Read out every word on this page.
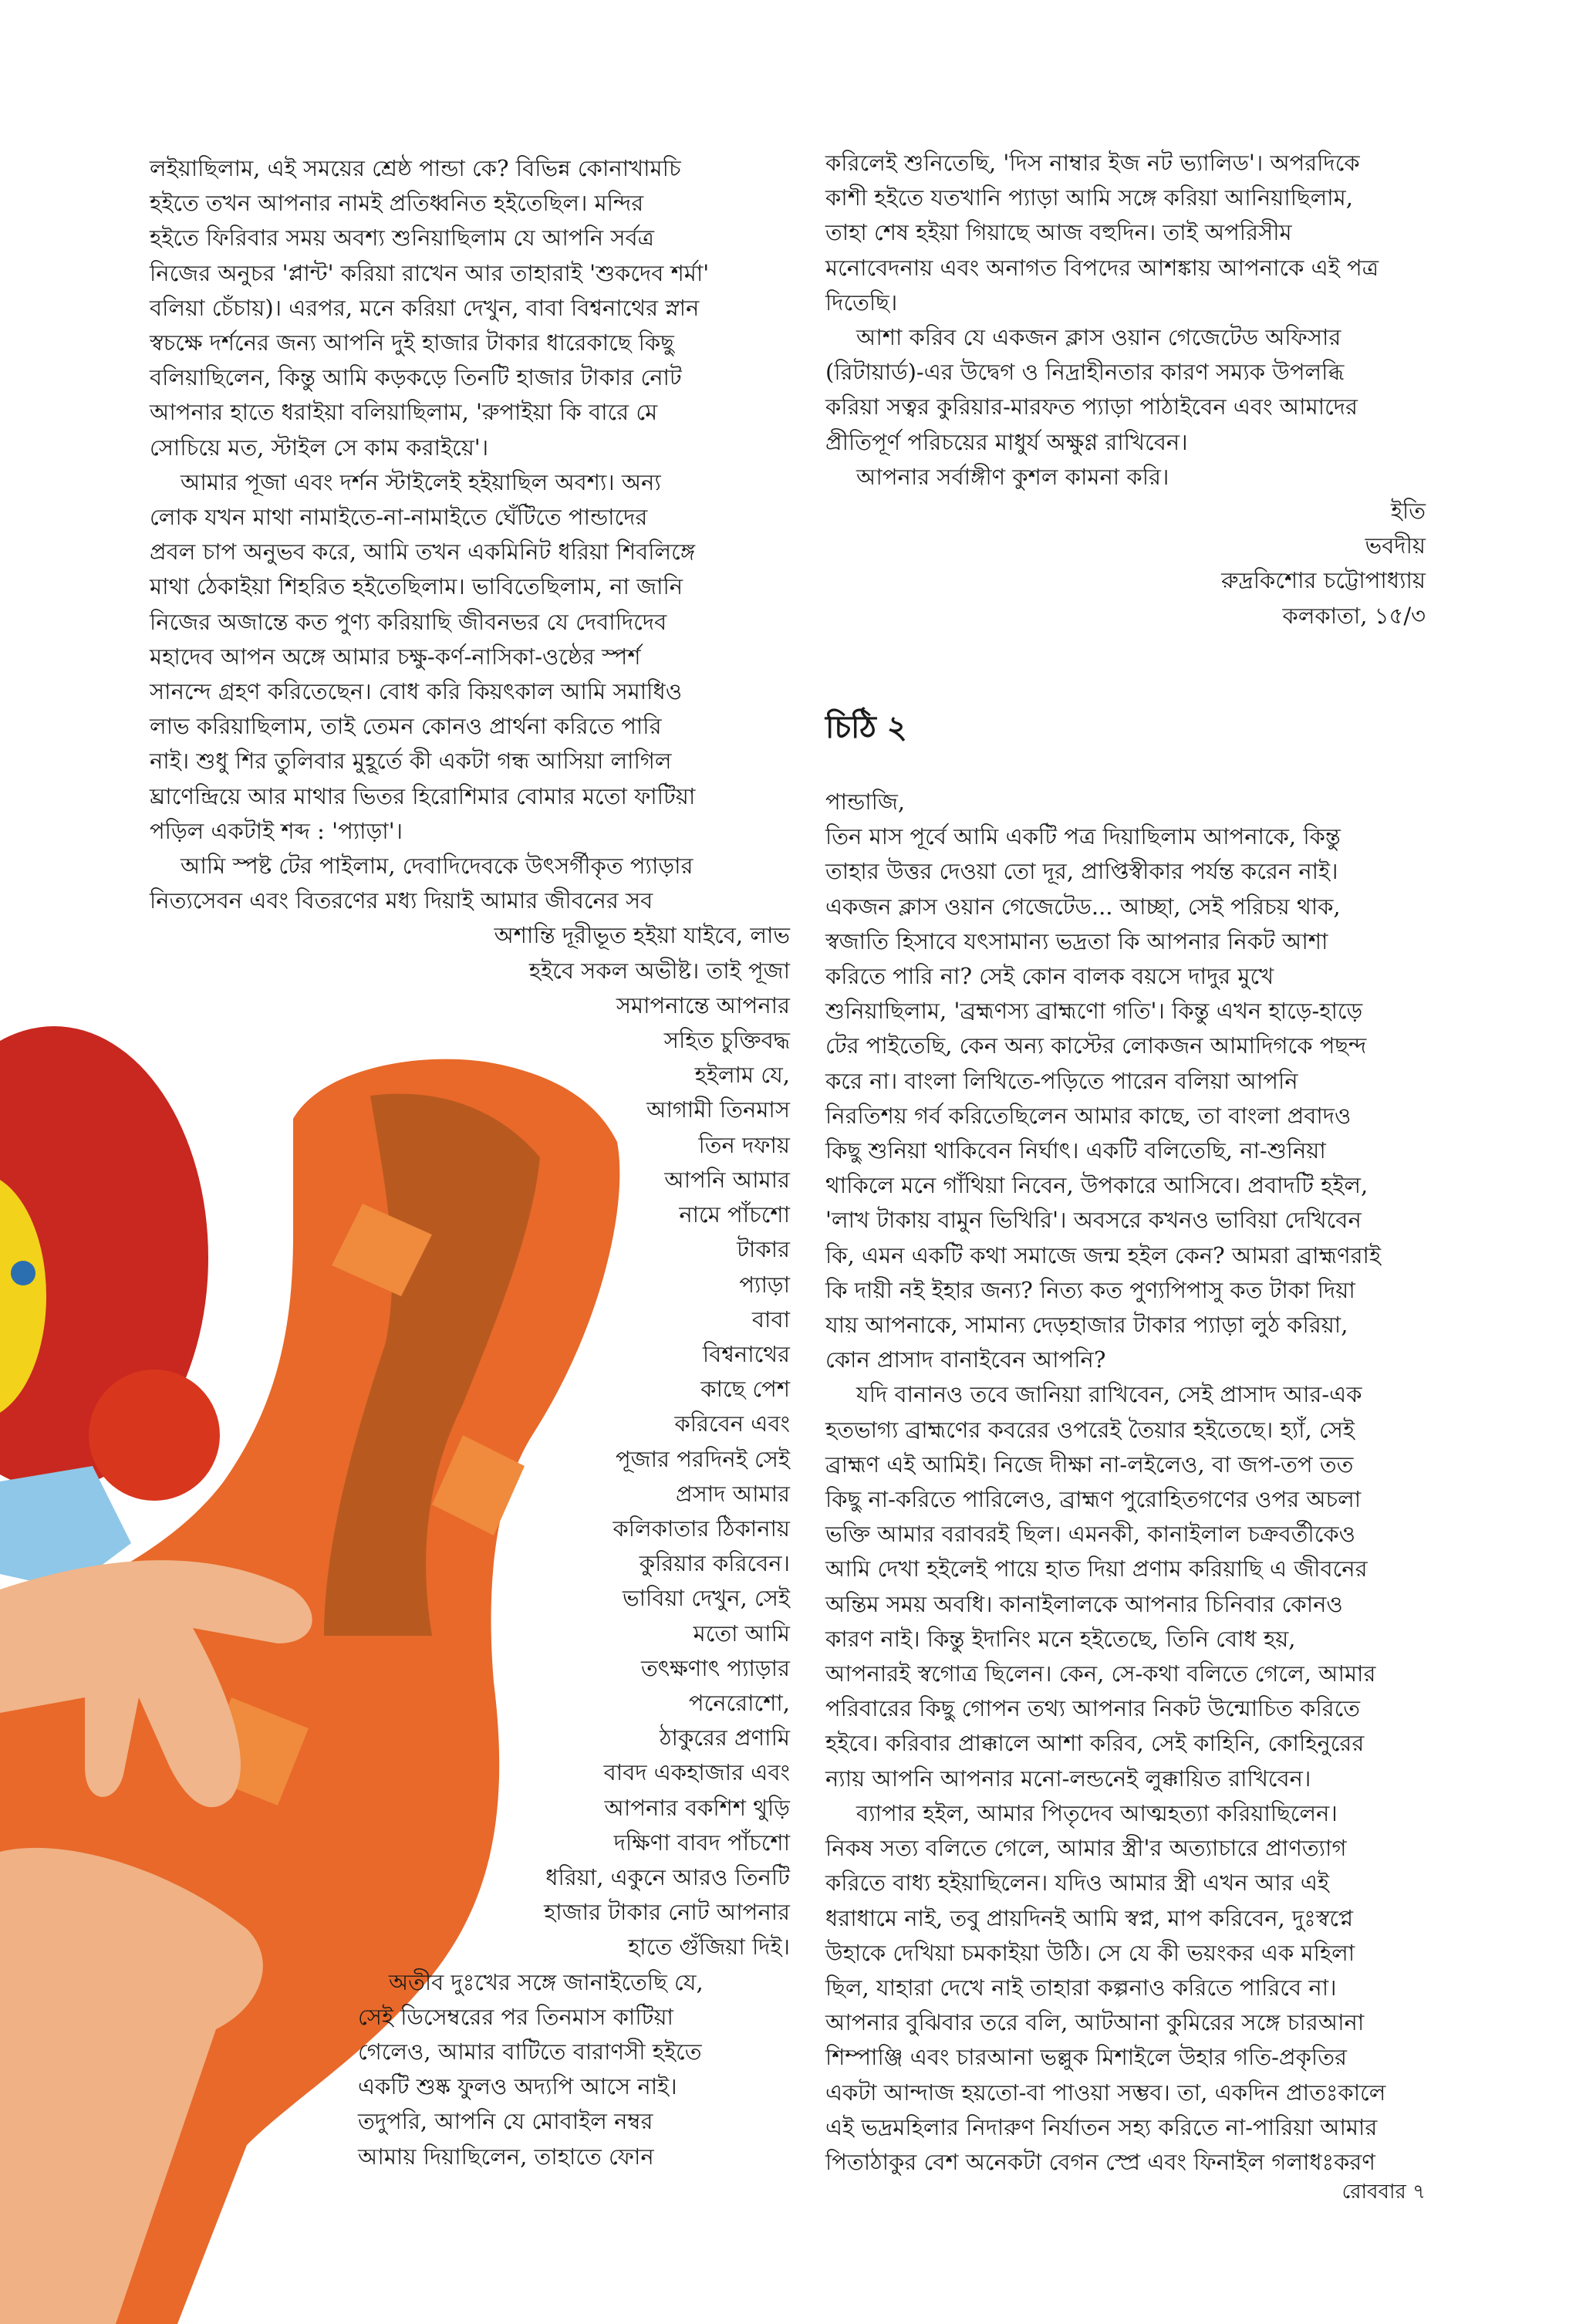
লইয়াছিলাম, এই সময়ের শ্রেষ্ঠ পান্ডা কে? বিভিন্ন কোনাখামচি

হইতে তখন আপনার নামই প্রতিধ্বনিত হইতেছিল। মন্দির

হইতে ফিরিবার সময় অবশ্য শুনিয়াছিলাম যে আপনি সর্বত্র

নিজের অনুচর 'প্লান্ট' করিয়া রাখেন আর তাহারাই 'শুকদেব শর্মা'

বলিয়া চেঁচায়)। এরপর, মনে করিয়া দেখুন, বাবা বিশ্বনাথের স্নান

স্বচক্ষে দর্শনের জন্য আপনি দুই হাজার টাকার ধারেকাছে কিছু

বলিয়াছিলেন, কিন্তু আমি কড়কড়ে তিনটি হাজার টাকার নোট

আপনার হাতে ধরাইয়া বলিয়াছিলাম, 'রুপাইয়া কি বারে মে

সোচিয়ে মত, স্টাইল সে কাম করাইয়ে'।

আমার পূজা এবং দর্শন স্টাইলেই হইয়াছিল অবশ্য। অন্য

লোক যখন মাথা নামাইতে-না-নামাইতে ঘেঁটিতে পান্ডাদের

প্রবল চাপ অনুভব করে, আমি তখন একমিনিট ধরিয়া শিবলিঙ্গে

মাথা ঠেকাইয়া শিহরিত হইতেছিলাম। ভাবিতেছিলাম, না জানি

নিজের অজান্তে কত পুণ্য করিয়াছি জীবনভর যে দেবাদিদেব

মহাদেব আপন অঙ্গে আমার চক্ষু-কর্ণ-নাসিকা-ওষ্ঠের স্পর্শ

সানন্দে গ্রহণ করিতেছেন। বোধ করি কিয়ৎকাল আমি সমাধিও

লাভ করিয়াছিলাম, তাই তেমন কোনও প্রার্থনা করিতে পারি

নাই। শুধু শির তুলিবার মুহূর্তে কী একটা গন্ধ আসিয়া লাগিল

ঘ্রাণেন্দ্রিয়ে আর মাথার ভিতর হিরোশিমার বোমার মতো ফাটিয়া

পড়িল একটাই শব্দ : 'প্যাড়া'।

আমি স্পষ্ট টের পাইলাম, দেবাদিদেবকে উৎসর্গীকৃত প্যাড়ার

নিত্যসেবন এবং বিতরণের মধ্য দিয়াই আমার জীবনের সব

অশান্তি দূরীভূত হইয়া যাইবে, লাভ

হইবে সকল অভীষ্ট। তাই পূজা

সমাপনান্তে আপনার

সহিত চুক্তিবদ্ধ

হইলাম যে,

আগামী তিনমাস

তিন দফায়

আপনি আমার

নামে পাঁচশো

টাকার

প্যাড়া

বাবা

বিশ্বনাথের

কাছে পেশ

করিবেন এবং

পূজার পরদিনই সেই

প্রসাদ আমার

কলিকাতার ঠিকানায়

কুরিয়ার করিবেন।

ভাবিয়া দেখুন, সেই

মতো আমি

তৎক্ষণাৎ প্যাড়ার

পনেরোশো,

ঠাকুরের প্রণামি

বাবদ একহাজার এবং

আপনার বকশিশ থুড়ি

দক্ষিণা বাবদ পাঁচশো

ধরিয়া, একুনে আরও তিনটি

হাজার টাকার নোট আপনার

হাতে গুঁজিয়া দিই।

অতীব দুঃখের সঙ্গে জানাইতেছি যে,

সেই ডিসেম্বরের পর তিনমাস কাটিয়া

গেলেও, আমার বাটিতে বারাণসী হইতে

একটি শুষ্ক ফুলও অদ্যপি আসে নাই।

তদুপরি, আপনি যে মোবাইল নম্বর

আমায় দিয়াছিলেন, তাহাতে ফোন

করিলেই শুনিতেছি, 'দিস নাম্বার ইজ নট ভ্যালিড'। অপরদিকে

কাশী হইতে যতখানি প্যাড়া আমি সঙ্গে করিয়া আনিয়াছিলাম,

তাহা শেষ হইয়া গিয়াছে আজ বহুদিন। তাই অপরিসীম

মনোবেদনায় এবং অনাগত বিপদের আশঙ্কায় আপনাকে এই পত্র

দিতেছি।

আশা করিব যে একজন ক্লাস ওয়ান গেজেটেড অফিসার

(রিটায়ার্ড)-এর উদ্বেগ ও নিদ্রাহীনতার কারণ সম্যক উপলব্ধি

করিয়া সত্বর কুরিয়ার-মারফত প্যাড়া পাঠাইবেন এবং আমাদের

প্রীতিপূর্ণ পরিচয়ের মাধুর্য অক্ষুণ্ণ রাখিবেন।

আপনার সর্বাঙ্গীণ কুশল কামনা করি।

ইতি

ভবদীয়

রুদ্রকিশোর চট্টোপাধ্যায়

কলকাতা, ১৫/৩

চিঠি ২

পান্ডাজি,

তিন মাস পূর্বে আমি একটি পত্র দিয়াছিলাম আপনাকে, কিন্তু

তাহার উত্তর দেওয়া তো দূর, প্রাপ্তিস্বীকার পর্যন্ত করেন নাই।

একজন ক্লাস ওয়ান গেজেটেড... আচ্ছা, সেই পরিচয় থাক,

স্বজাতি হিসাবে যৎসামান্য ভদ্রতা কি আপনার নিকট আশা

করিতে পারি না? সেই কোন বালক বয়সে দাদুর মুখে

শুনিয়াছিলাম, 'ব্রহ্মণস্য ব্রাহ্মণো গতি'। কিন্তু এখন হাড়ে-হাড়ে

টের পাইতেছি, কেন অন্য কাস্টের লোকজন আমাদিগকে পছন্দ

করে না। বাংলা লিখিতে-পড়িতে পারেন বলিয়া আপনি

নিরতিশয় গর্ব করিতেছিলেন আমার কাছে, তা বাংলা প্রবাদও

কিছু শুনিয়া থাকিবেন নির্ঘাৎ। একটি বলিতেছি, না-শুনিয়া

থাকিলে মনে গাঁথিয়া নিবেন, উপকারে আসিবে। প্রবাদটি হইল,

'লাখ টাকায় বামুন ভিখিরি'। অবসরে কখনও ভাবিয়া দেখিবেন

কি, এমন একটি কথা সমাজে জন্ম হইল কেন? আমরা ব্রাহ্মণরাই

কি দায়ী নই ইহার জন্য? নিত্য কত পুণ্যপিপাসু কত টাকা দিয়া

যায় আপনাকে, সামান্য দেড়হাজার টাকার প্যাড়া লুঠ করিয়া,

কোন প্রাসাদ বানাইবেন আপনি?

যদি বানানও তবে জানিয়া রাখিবেন, সেই প্রাসাদ আর-এক

হতভাগ্য ব্রাহ্মণের কবরের ওপরেই তৈয়ার হইতেছে। হ্যাঁ, সেই

ব্রাহ্মণ এই আমিই। নিজে দীক্ষা না-লইলেও, বা জপ-তপ তত

কিছু না-করিতে পারিলেও, ব্রাহ্মণ পুরোহিতগণের ওপর অচলা

ভক্তি আমার বরাবরই ছিল। এমনকী, কানাইলাল চক্রবর্তীকেও

আমি দেখা হইলেই পায়ে হাত দিয়া প্রণাম করিয়াছি এ জীবনের

অন্তিম সময় অবধি। কানাইলালকে আপনার চিনিবার কোনও

কারণ নাই। কিন্তু ইদানিং মনে হইতেছে, তিনি বোধ হয়,

আপনারই স্বগোত্র ছিলেন। কেন, সে-কথা বলিতে গেলে, আমার

পরিবারের কিছু গোপন তথ্য আপনার নিকট উন্মোচিত করিতে

হইবে। করিবার প্রাক্কালে আশা করিব, সেই কাহিনি, কোহিনুরের

ন্যায় আপনি আপনার মনো-লন্ডনেই লুক্কায়িত রাখিবেন।

ব্যাপার হইল, আমার পিতৃদেব আত্মহত্যা করিয়াছিলেন।

নিকষ সত্য বলিতে গেলে, আমার স্ত্রী'র অত্যাচারে প্রাণত্যাগ

করিতে বাধ্য হইয়াছিলেন। যদিও আমার স্ত্রী এখন আর এই

ধরাধামে নাই, তবু প্রায়দিনই আমি স্বপ্ন, মাপ করিবেন, দুঃস্বপ্নে

উহাকে দেখিয়া চমকাইয়া উঠি। সে যে কী ভয়ংকর এক মহিলা

ছিল, যাহারা দেখে নাই তাহারা কল্পনাও করিতে পারিবে না।

আপনার বুঝিবার তরে বলি, আটআনা কুমিরের সঙ্গে চারআনা

শিম্পাঞ্জি এবং চারআনা ভল্লুক মিশাইলে উহার গতি-প্রকৃতির

একটা আন্দাজ হয়তো-বা পাওয়া সম্ভব। তা, একদিন প্রাতঃকালে

এই ভদ্রমহিলার নিদারুণ নির্যাতন সহ্য করিতে না-পারিয়া আমার

পিতাঠাকুর বেশ অনেকটা বেগন স্প্রে এবং ফিনাইল গলাধঃকরণ

রোববার ৭
